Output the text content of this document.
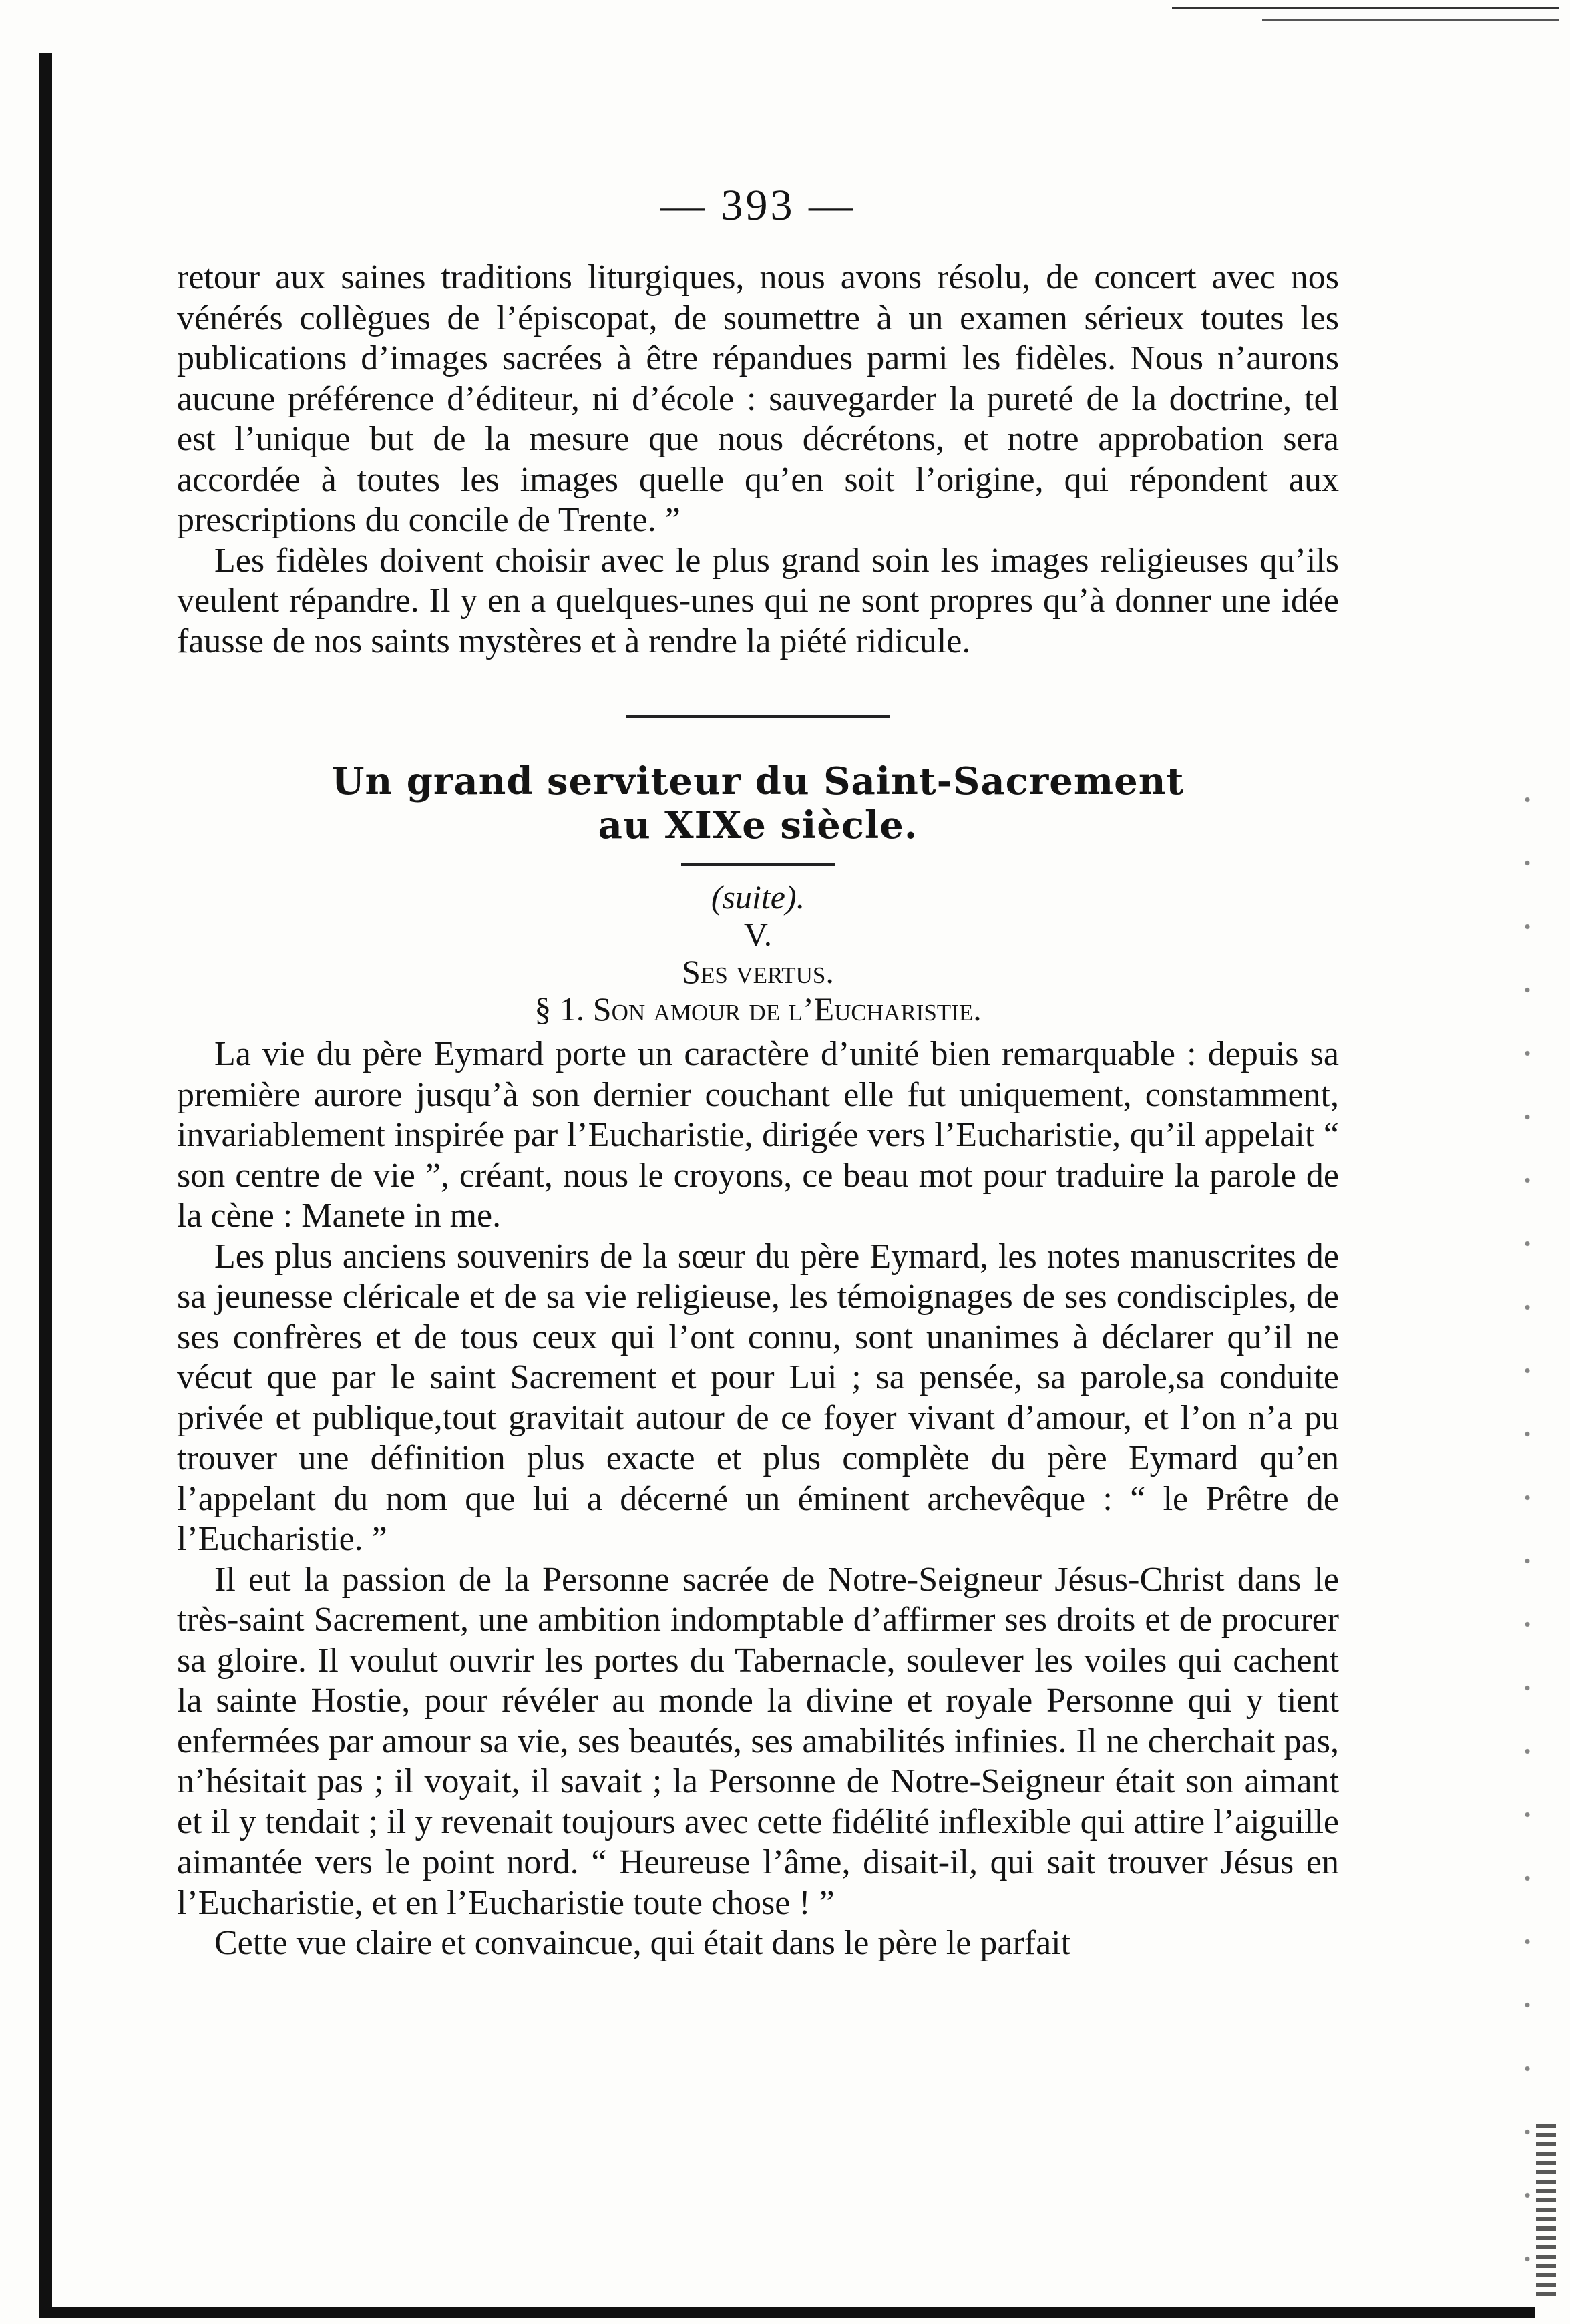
— 393 —

retour aux saines traditions liturgiques, nous avons résolu, de concert avec nos vénérés collègues de l’épiscopat, de soumettre à un examen sérieux toutes les publications d’images sacrées à être répandues parmi les fidèles. Nous n’aurons aucune préférence d’éditeur, ni d’école : sauvegarder la pureté de la doctrine, tel est l’unique but de la mesure que nous décrétons, et notre approbation sera accordée à toutes les images quelle qu’en soit l’origine, qui répondent aux prescriptions du concile de Trente. ”

Les fidèles doivent choisir avec le plus grand soin les images religieuses qu’ils veulent répandre. Il y en a quelques-unes qui ne sont propres qu’à donner une idée fausse de nos saints mystères et à rendre la piété ridicule.

Un grand serviteur du Saint-Sacrement

au XIXe siècle.

(suite).

V.

Ses vertus.

§ 1. Son amour de l’Eucharistie.

La vie du père Eymard porte un caractère d’unité bien remarquable : depuis sa première aurore jusqu’à son dernier couchant elle fut uniquement, constamment, invariablement inspirée par l’Eucharistie, dirigée vers l’Eucharistie, qu’il appelait “ son centre de vie ”, créant, nous le croyons, ce beau mot pour traduire la parole de la cène : Manete in me.

Les plus anciens souvenirs de la sœur du père Eymard, les notes manuscrites de sa jeunesse cléricale et de sa vie religieuse, les témoignages de ses condisciples, de ses confrères et de tous ceux qui l’ont connu, sont unanimes à déclarer qu’il ne vécut que par le saint Sacrement et pour Lui ; sa pensée, sa parole,sa conduite privée et publique,tout gravitait autour de ce foyer vivant d’amour, et l’on n’a pu trouver une définition plus exacte et plus complète du père Eymard qu’en l’appelant du nom que lui a décerné un éminent archevêque : “ le Prêtre de l’Eucharistie. ”

Il eut la passion de la Personne sacrée de Notre-Seigneur Jésus-Christ dans le très-saint Sacrement, une ambition indomptable d’affirmer ses droits et de procurer sa gloire. Il voulut ouvrir les portes du Tabernacle, soulever les voiles qui cachent la sainte Hostie, pour révéler au monde la divine et royale Personne qui y tient enfermées par amour sa vie, ses beautés, ses amabilités infinies. Il ne cherchait pas, n’hésitait pas ; il voyait, il savait ; la Personne de Notre-Seigneur était son aimant et il y tendait ; il y revenait toujours avec cette fidélité inflexible qui attire l’aiguille aimantée vers le point nord. “ Heureuse l’âme, disait-il, qui sait trouver Jésus en l’Eucharistie, et en l’Eucharistie toute chose ! ”

Cette vue claire et convaincue, qui était dans le père le parfait
